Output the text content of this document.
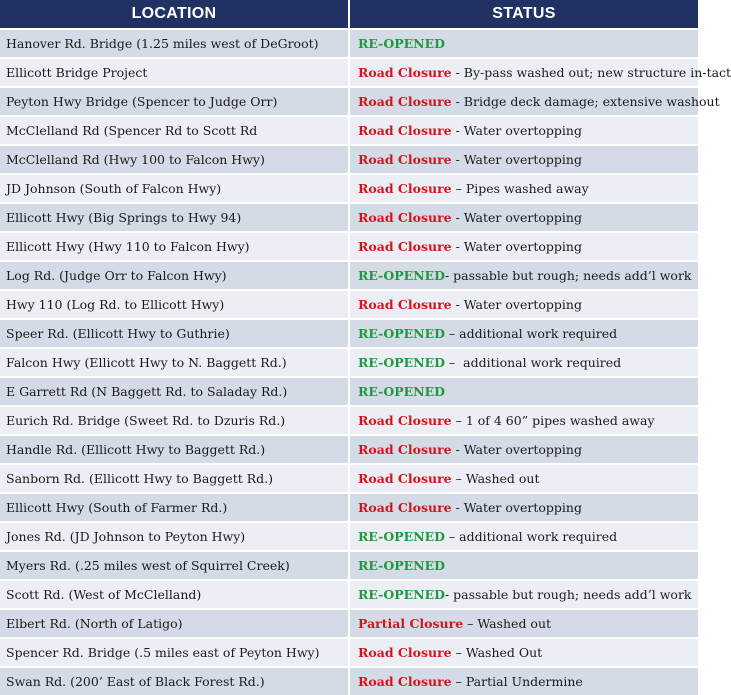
LOCATION	STATUS
Hanover Rd. Bridge (1.25 miles west of DeGroot)	RE-OPENED
Ellicott Bridge Project	Road Closure - By-pass washed out; new structure in-tact
Peyton Hwy Bridge (Spencer to Judge Orr)	Road Closure - Bridge deck damage; extensive washout
McClelland Rd (Spencer Rd to Scott Rd	Road Closure - Water overtopping
McClelland Rd (Hwy 100 to Falcon Hwy)	Road Closure - Water overtopping
JD Johnson (South of Falcon Hwy)	Road Closure – Pipes washed away
Ellicott Hwy (Big Springs to Hwy 94)	Road Closure - Water overtopping
Ellicott Hwy (Hwy 110 to Falcon Hwy)	Road Closure - Water overtopping
Log Rd. (Judge Orr to Falcon Hwy)	RE-OPENED- passable but rough; needs add’l work
Hwy 110 (Log Rd. to Ellicott Hwy)	Road Closure - Water overtopping
Speer Rd. (Ellicott Hwy to Guthrie)	RE-OPENED – additional work required
Falcon Hwy (Ellicott Hwy to N. Baggett Rd.)	RE-OPENED –  additional work required
E Garrett Rd (N Baggett Rd. to Saladay Rd.)	RE-OPENED
Eurich Rd. Bridge (Sweet Rd. to Dzuris Rd.)	Road Closure – 1 of 4 60” pipes washed away
Handle Rd. (Ellicott Hwy to Baggett Rd.)	Road Closure - Water overtopping
Sanborn Rd. (Ellicott Hwy to Baggett Rd.)	Road Closure – Washed out
Ellicott Hwy (South of Farmer Rd.)	Road Closure - Water overtopping
Jones Rd. (JD Johnson to Peyton Hwy)	RE-OPENED – additional work required
Myers Rd. (.25 miles west of Squirrel Creek)	RE-OPENED
Scott Rd. (West of McClelland)	RE-OPENED- passable but rough; needs add’l work
Elbert Rd. (North of Latigo)	Partial Closure – Washed out
Spencer Rd. Bridge (.5 miles east of Peyton Hwy)	Road Closure – Washed Out
Swan Rd. (200’ East of Black Forest Rd.)	Road Closure – Partial Undermine
